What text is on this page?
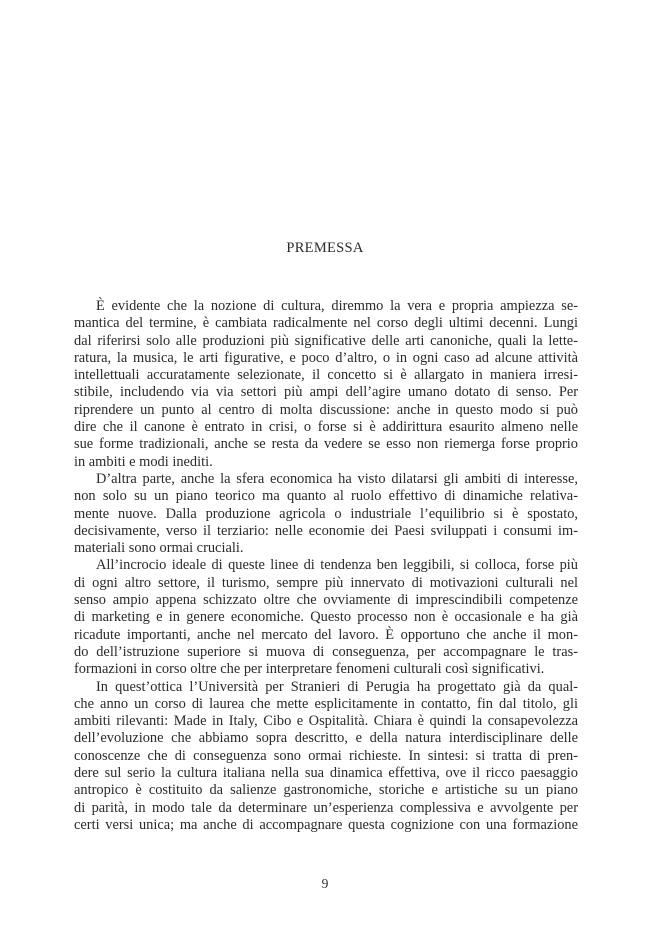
PREMESSA
È evidente che la nozione di cultura, diremmo la vera e propria ampiezza se-
mantica del termine, è cambiata radicalmente nel corso degli ultimi decenni. Lungi
dal riferirsi solo alle produzioni più significative delle arti canoniche, quali la lette-
ratura, la musica, le arti figurative, e poco d’altro, o in ogni caso ad alcune attività
intellettuali accuratamente selezionate, il concetto si è allargato in maniera irresi-
stibile, includendo via via settori più ampi dell’agire umano dotato di senso. Per
riprendere un punto al centro di molta discussione: anche in questo modo si può
dire che il canone è entrato in crisi, o forse si è addirittura esaurito almeno nelle
sue forme tradizionali, anche se resta da vedere se esso non riemerga forse proprio
in ambiti e modi inediti.
D’altra parte, anche la sfera economica ha visto dilatarsi gli ambiti di interesse,
non solo su un piano teorico ma quanto al ruolo effettivo di dinamiche relativa-
mente nuove. Dalla produzione agricola o industriale l’equilibrio si è spostato,
decisivamente, verso il terziario: nelle economie dei Paesi sviluppati i consumi im-
materiali sono ormai cruciali.
All’incrocio ideale di queste linee di tendenza ben leggibili, si colloca, forse più
di ogni altro settore, il turismo, sempre più innervato di motivazioni culturali nel
senso ampio appena schizzato oltre che ovviamente di imprescindibili competenze
di marketing e in genere economiche. Questo processo non è occasionale e ha già
ricadute importanti, anche nel mercato del lavoro. È opportuno che anche il mon-
do dell’istruzione superiore si muova di conseguenza, per accompagnare le tras-
formazioni in corso oltre che per interpretare fenomeni culturali così significativi.
In quest’ottica l’Università per Stranieri di Perugia ha progettato già da qual-
che anno un corso di laurea che mette esplicitamente in contatto, fin dal titolo, gli
ambiti rilevanti: Made in Italy, Cibo e Ospitalità. Chiara è quindi la consapevolezza
dell’evoluzione che abbiamo sopra descritto, e della natura interdisciplinare delle
conoscenze che di conseguenza sono ormai richieste. In sintesi: si tratta di pren-
dere sul serio la cultura italiana nella sua dinamica effettiva, ove il ricco paesaggio
antropico è costituito da salienze gastronomiche, storiche e artistiche su un piano
di parità, in modo tale da determinare un’esperienza complessiva e avvolgente per
certi versi unica; ma anche di accompagnare questa cognizione con una formazione
9
